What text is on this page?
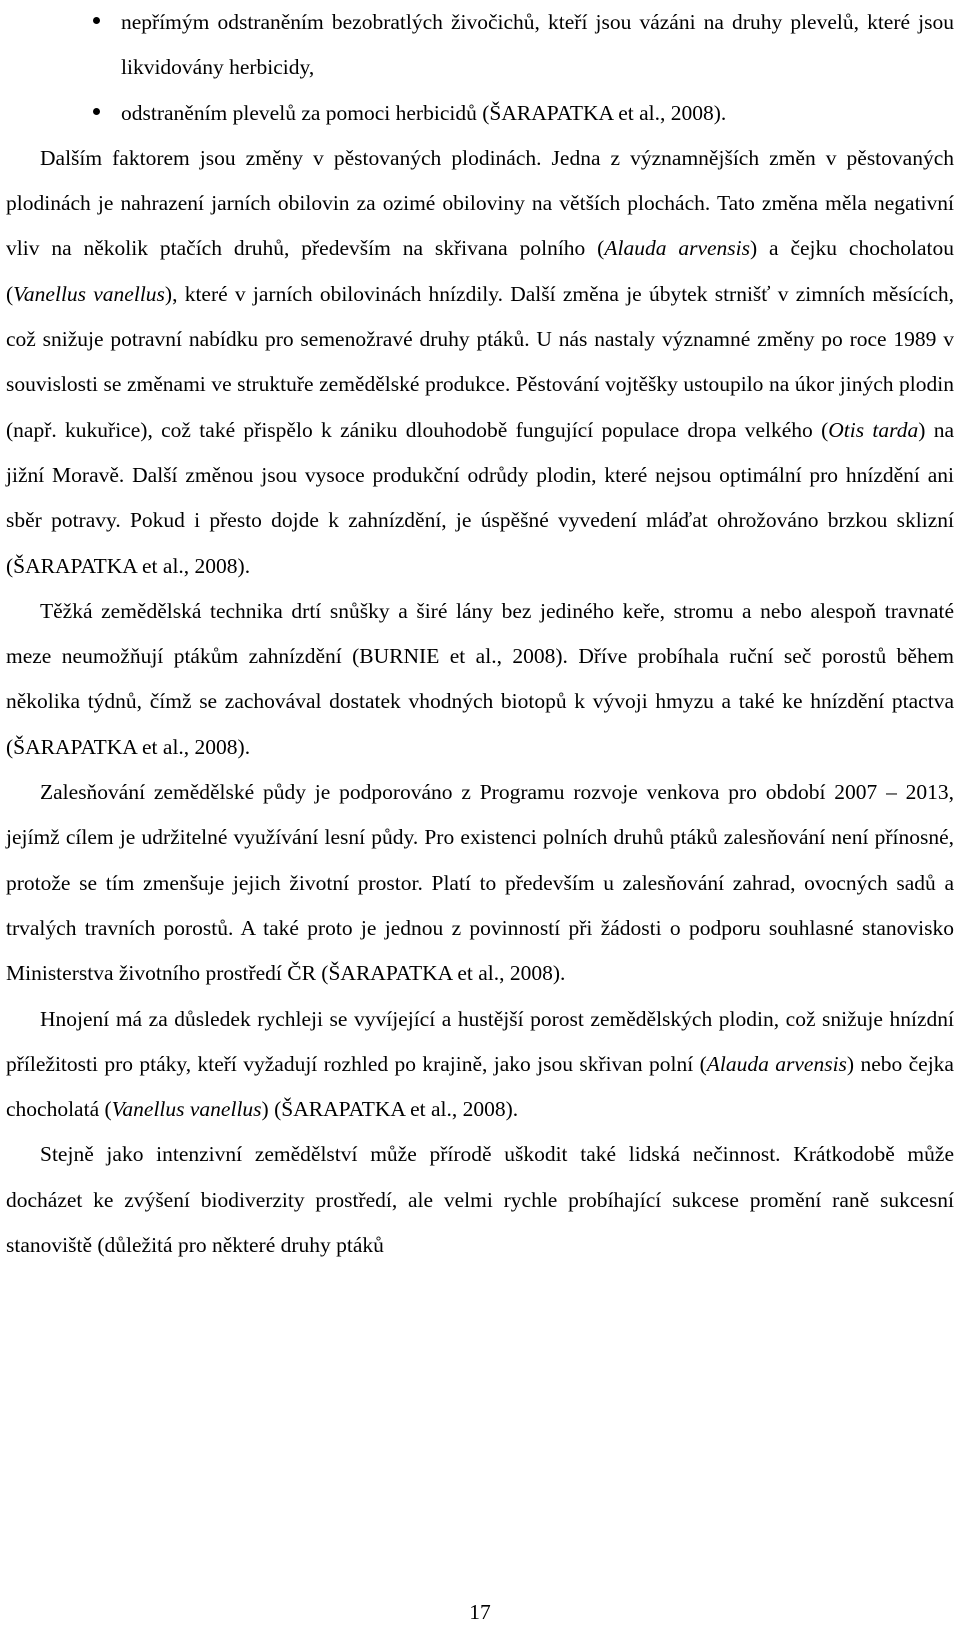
nepřímým odstraněním bezobratlých živočichů, kteří jsou vázáni na druhy plevelů, které jsou likvidovány herbicidy,
odstraněním plevelů za pomoci herbicidů (ŠARAPATKA et al., 2008).

Dalším faktorem jsou změny v pěstovaných plodinách. Jedna z významnějších změn v pěstovaných plodinách je nahrazení jarních obilovin za ozimé obiloviny na větších plochách. Tato změna měla negativní vliv na několik ptačích druhů, především na skřivana polního (Alauda arvensis) a čejku chocholatou (Vanellus vanellus), které v jarních obilovinách hnízdily. Další změna je úbytek strnišť v zimních měsících, což snižuje potravní nabídku pro semenožravé druhy ptáků. U nás nastaly významné změny po roce 1989 v souvislosti se změnami ve struktuře zemědělské produkce. Pěstování vojtěšky ustoupilo na úkor jiných plodin (např. kukuřice), což také přispělo k zániku dlouhodobě fungující populace dropa velkého (Otis tarda) na jižní Moravě. Další změnou jsou vysoce produkční odrůdy plodin, které nejsou optimální pro hnízdění ani sběr potravy. Pokud i přesto dojde k zahnízdění, je úspěšné vyvedení mláďat ohrožováno brzkou sklizní (ŠARAPATKA et al., 2008).

Těžká zemědělská technika drtí snůšky a širé lány bez jediného keře, stromu a nebo alespoň travnaté meze neumožňují ptákům zahnízdění (BURNIE et al., 2008). Dříve probíhala ruční seč porostů během několika týdnů, čímž se zachovával dostatek vhodných biotopů k vývoji hmyzu a také ke hnízdění ptactva (ŠARAPATKA et al., 2008).

Zalesňování zemědělské půdy je podporováno z Programu rozvoje venkova pro období 2007 – 2013, jejímž cílem je udržitelné využívání lesní půdy. Pro existenci polních druhů ptáků zalesňování není přínosné, protože se tím zmenšuje jejich životní prostor. Platí to především u zalesňování zahrad, ovocných sadů a trvalých travních porostů. A také proto je jednou z povinností při žádosti o podporu souhlasné stanovisko Ministerstva životního prostředí ČR (ŠARAPATKA et al., 2008).

Hnojení má za důsledek rychleji se vyvíjející a hustější porost zemědělských plodin, což snižuje hnízdní příležitosti pro ptáky, kteří vyžadují rozhled po krajině, jako jsou skřivan polní (Alauda arvensis) nebo čejka chocholatá (Vanellus vanellus) (ŠARAPATKA et al., 2008).

Stejně jako intenzivní zemědělství může přírodě uškodit také lidská nečinnost. Krátkodobě může docházet ke zvýšení biodiverzity prostředí, ale velmi rychle probíhající sukcese promění raně sukcesní stanoviště (důležitá pro některé druhy ptáků

17
